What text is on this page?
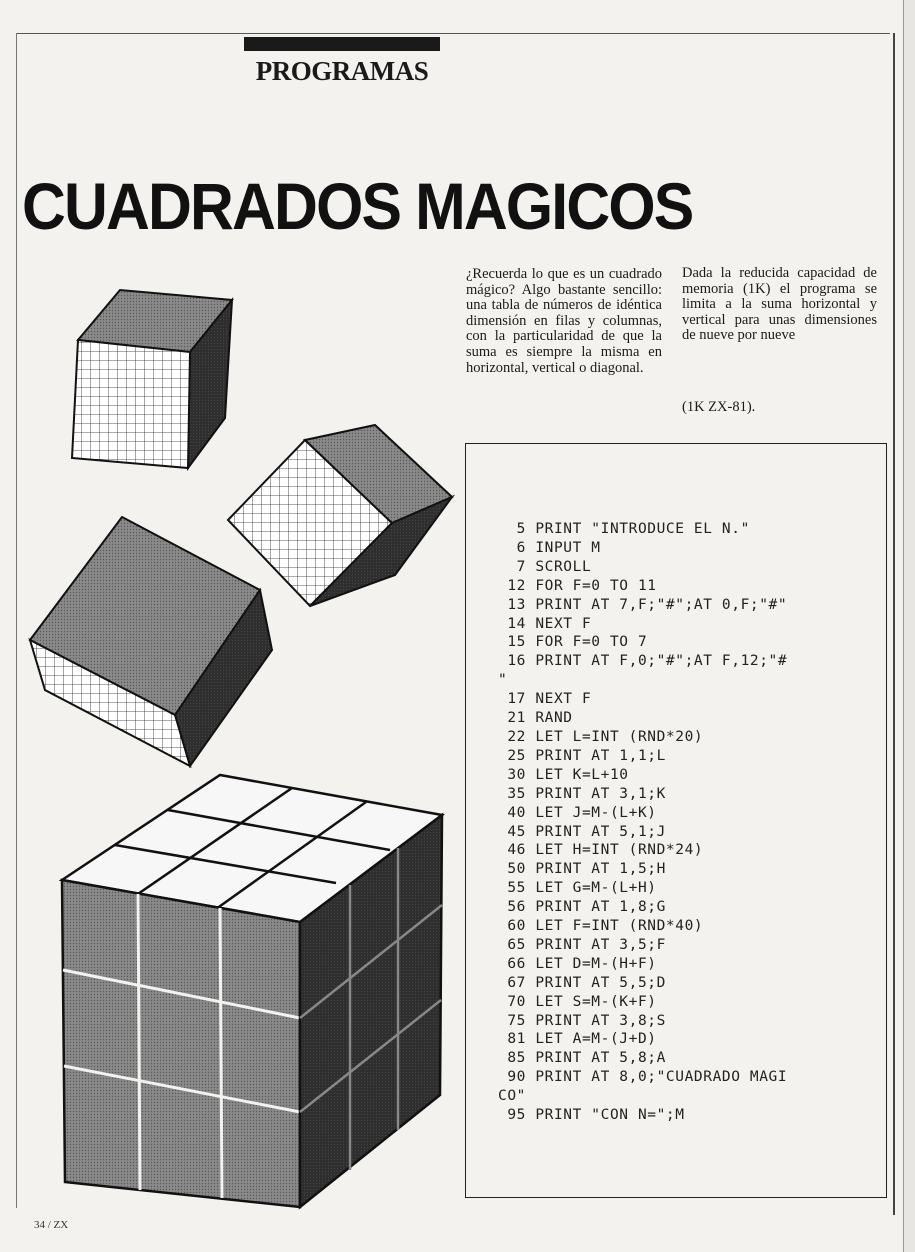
PROGRAMAS
CUADRADOS MAGICOS
¿Recuerda lo que es un cuadrado mágico? Algo bastante sencillo: una tabla de números de idéntica dimensión en filas y columnas, con la particularidad de que la suma es siempre la misma en horizontal, vertical o diagonal.
Dada la reducida capacidad de memoria (1K) el programa se limita a la suma horizontal y vertical para unas dimensiones de nueve por nueve
(1K ZX-81).
5 PRINT "INTRODUCE EL N."
6 INPUT M
7 SCROLL
12 FOR F=0 TO 11
13 PRINT AT 7,F;"#";AT 0,F;"#"
14 NEXT F
15 FOR F=0 TO 7
16 PRINT AT F,0;"#";AT F,12;"#
"
17 NEXT F
21 RAND
22 LET L=INT (RND*20)
25 PRINT AT 1,1;L
30 LET K=L+10
35 PRINT AT 3,1;K
40 LET J=M-(L+K)
45 PRINT AT 5,1;J
46 LET H=INT (RND*24)
50 PRINT AT 1,5;H
55 LET G=M-(L+H)
56 PRINT AT 1,8;G
60 LET F=INT (RND*40)
65 PRINT AT 3,5;F
66 LET D=M-(H+F)
67 PRINT AT 5,5;D
70 LET S=M-(K+F)
75 PRINT AT 3,8;S
81 LET A=M-(J+D)
85 PRINT AT 5,8;A
90 PRINT AT 8,0;"CUADRADO MAGI
CO"
95 PRINT "CON N=";M

34 / ZX
